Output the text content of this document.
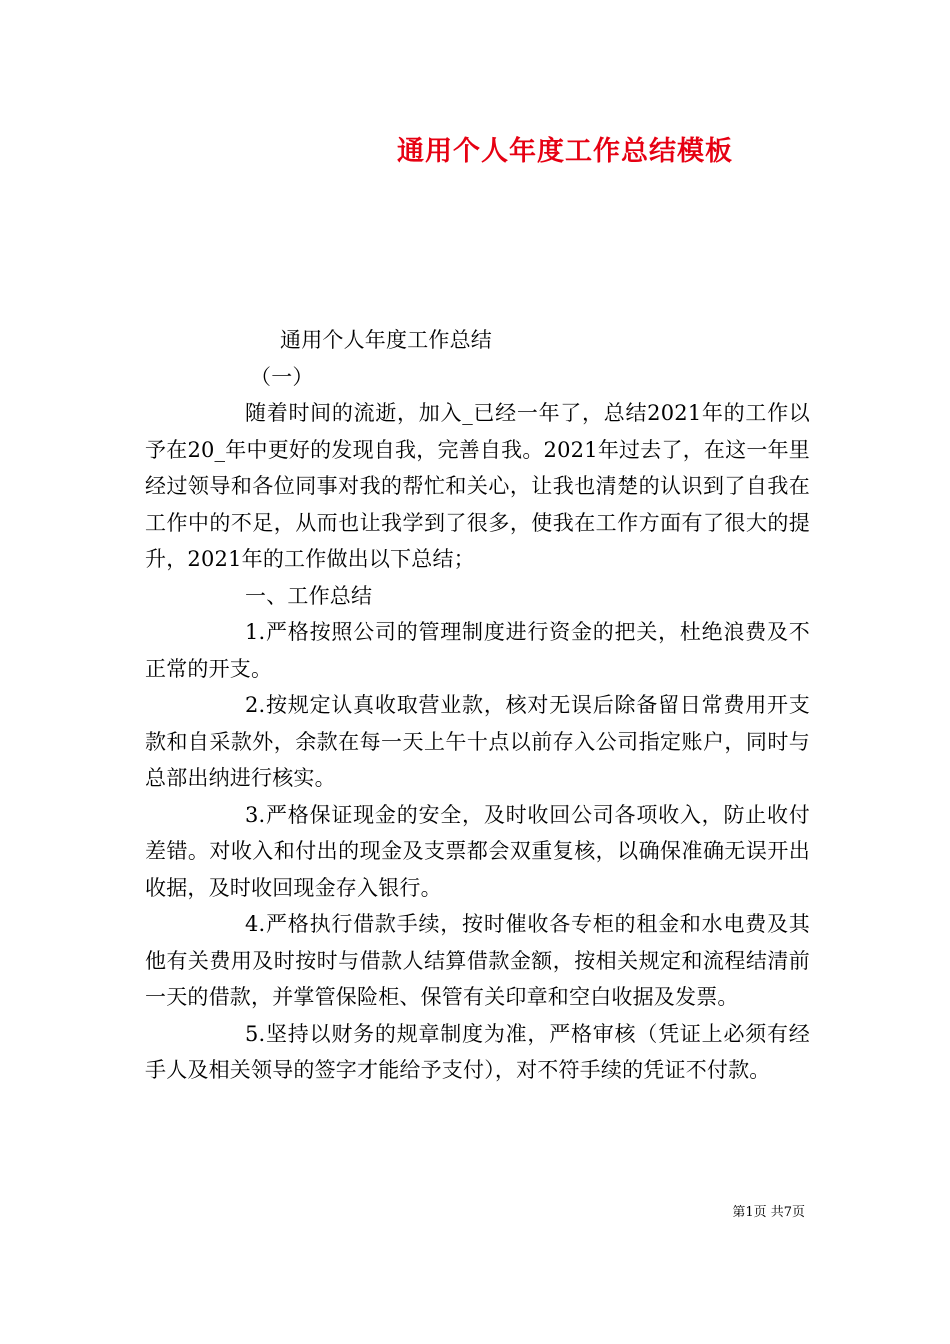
通用个人年度工作总结模板

通用个人年度工作总结

（一）

随着时间的流逝，加入_已经一年了，总结2021年的工作以予在20_年中更好的发现自我，完善自我。2021年过去了，在这一年里经过领导和各位同事对我的帮忙和关心，让我也清楚的认识到了自我在工作中的不足，从而也让我学到了很多，使我在工作方面有了很大的提升，2021年的工作做出以下总结；

一、工作总结

1.严格按照公司的管理制度进行资金的把关，杜绝浪费及不正常的开支。

2.按规定认真收取营业款，核对无误后除备留日常费用开支款和自采款外，余款在每一天上午十点以前存入公司指定账户，同时与总部出纳进行核实。

3.严格保证现金的安全，及时收回公司各项收入，防止收付差错。对收入和付出的现金及支票都会双重复核，以确保准确无误开出收据，及时收回现金存入银行。

4.严格执行借款手续，按时催收各专柜的租金和水电费及其他有关费用及时按时与借款人结算借款金额，按相关规定和流程结清前一天的借款，并掌管保险柜、保管有关印章和空白收据及发票。

5.坚持以财务的规章制度为准，严格审核（凭证上必须有经手人及相关领导的签字才能给予支付），对不符手续的凭证不付款。

第1页 共7页
